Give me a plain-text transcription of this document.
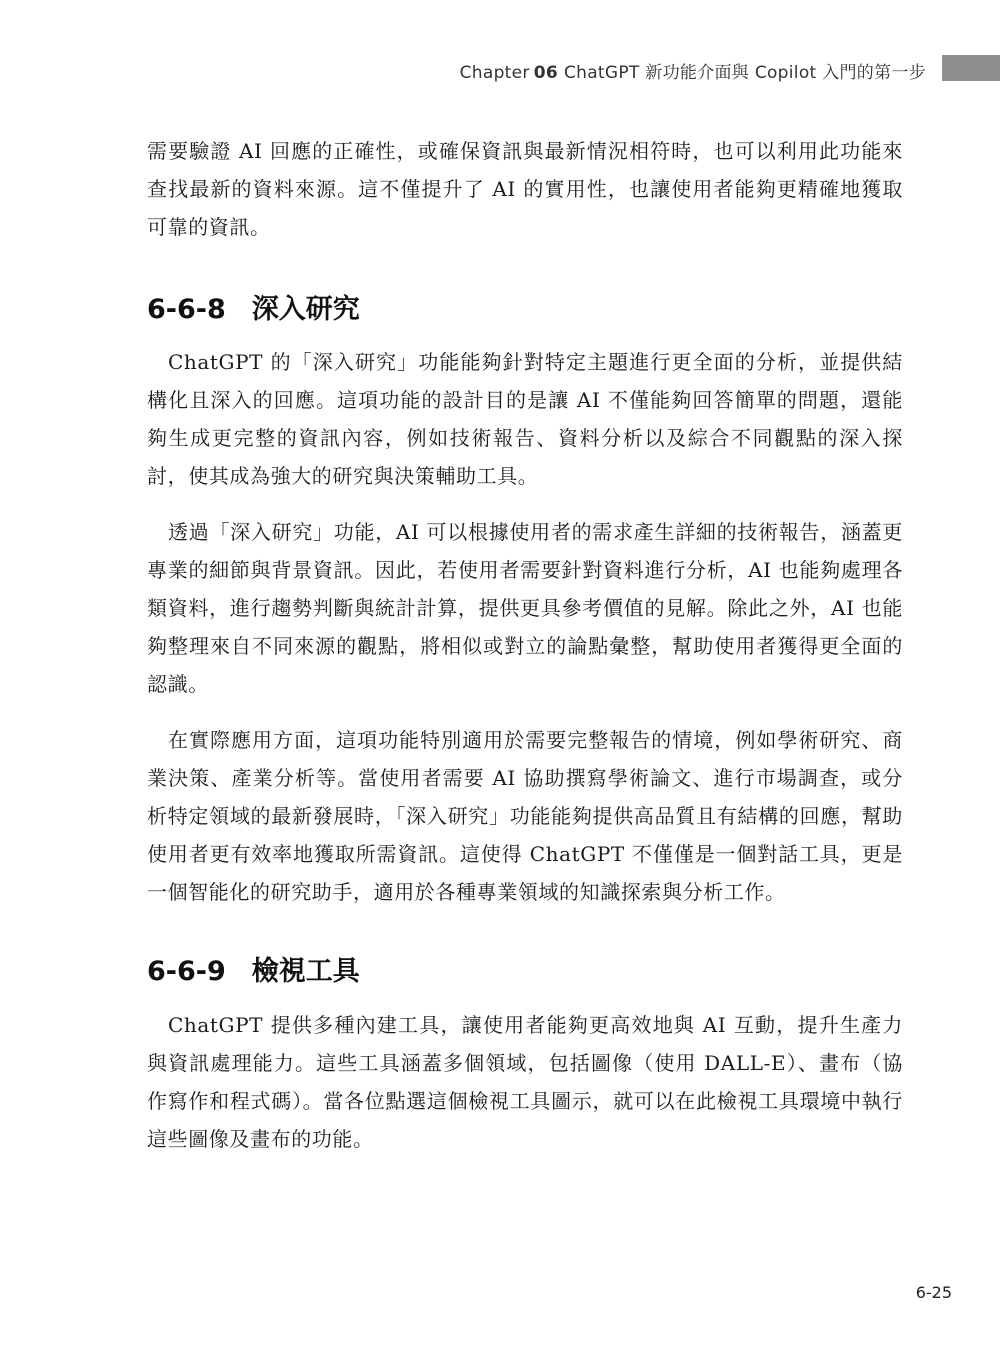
Chapter 06 ChatGPT 新功能介面與 Copilot 入門的第一步

需要驗證 AI 回應的正確性，或確保資訊與最新情況相符時，也可以利用此功能來查找最新的資料來源。這不僅提升了 AI 的實用性，也讓使用者能夠更精確地獲取可靠的資訊。

6-6-8 深入研究

ChatGPT 的「深入研究」功能能夠針對特定主題進行更全面的分析，並提供結構化且深入的回應。這項功能的設計目的是讓 AI 不僅能夠回答簡單的問題，還能夠生成更完整的資訊內容，例如技術報告、資料分析以及綜合不同觀點的深入探討，使其成為強大的研究與決策輔助工具。

透過「深入研究」功能，AI 可以根據使用者的需求產生詳細的技術報告，涵蓋更專業的細節與背景資訊。因此，若使用者需要針對資料進行分析，AI 也能夠處理各類資料，進行趨勢判斷與統計計算，提供更具參考價值的見解。除此之外，AI 也能夠整理來自不同來源的觀點，將相似或對立的論點彙整，幫助使用者獲得更全面的認識。

在實際應用方面，這項功能特別適用於需要完整報告的情境，例如學術研究、商業決策、產業分析等。當使用者需要 AI 協助撰寫學術論文、進行市場調查，或分析特定領域的最新發展時，「深入研究」功能能夠提供高品質且有結構的回應，幫助使用者更有效率地獲取所需資訊。這使得 ChatGPT 不僅僅是一個對話工具，更是一個智能化的研究助手，適用於各種專業領域的知識探索與分析工作。

6-6-9 檢視工具

ChatGPT 提供多種內建工具，讓使用者能夠更高效地與 AI 互動，提升生產力與資訊處理能力。這些工具涵蓋多個領域，包括圖像（使用 DALL-E）、畫布（協作寫作和程式碼）。當各位點選這個檢視工具圖示，就可以在此檢視工具環境中執行這些圖像及畫布的功能。

6-25
